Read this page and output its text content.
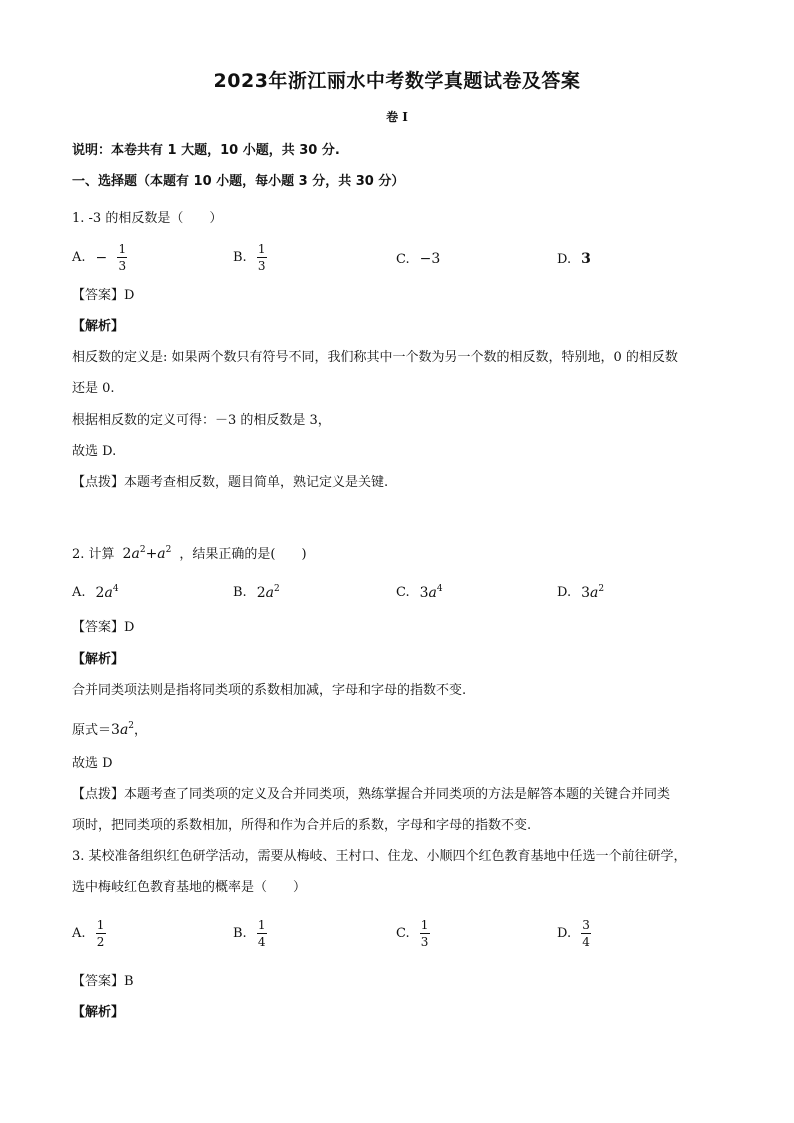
2023年浙江丽水中考数学真题试卷及答案
卷 I
说明：本卷共有 1 大题，10 小题，共 30 分.
一、选择题（本题有 10 小题，每小题 3 分，共 30 分）
1. -3 的相反数是（　　）
A. − $\frac{1}{3}$	B. $\frac{1}{3}$	C. −3	D. 3
【答案】D
【解析】
相反数的定义是: 如果两个数只有符号不同，我们称其中一个数为另一个数的相反数，特别地，0 的相反数
还是 0.
根据相反数的定义可得：－3 的相反数是 3，
故选 D.
【点拨】本题考查相反数，题目简单，熟记定义是关键.
2. 计算 $2a^2+a^2$ ，结果正确的是(　　)
A. $2a^4$	B. $2a^2$	C. $3a^4$	D. $3a^2$
【答案】D
【解析】
合并同类项法则是指将同类项的系数相加减，字母和字母的指数不变.
原式＝ $3a^2$ ，
故选 D
【点拨】本题考查了同类项的定义及合并同类项，熟练掌握合并同类项的方法是解答本题的关键合并同类
项时，把同类项的系数相加，所得和作为合并后的系数，字母和字母的指数不变.
3. 某校准备组织红色研学活动，需要从梅岐、王村口、住龙、小顺四个红色教育基地中任选一个前往研学，
选中梅岐红色教育基地的概率是（　　）
A. $\frac{1}{2}$	B. $\frac{1}{4}$	C. $\frac{1}{3}$	D. $\frac{3}{4}$
【答案】B
【解析】
